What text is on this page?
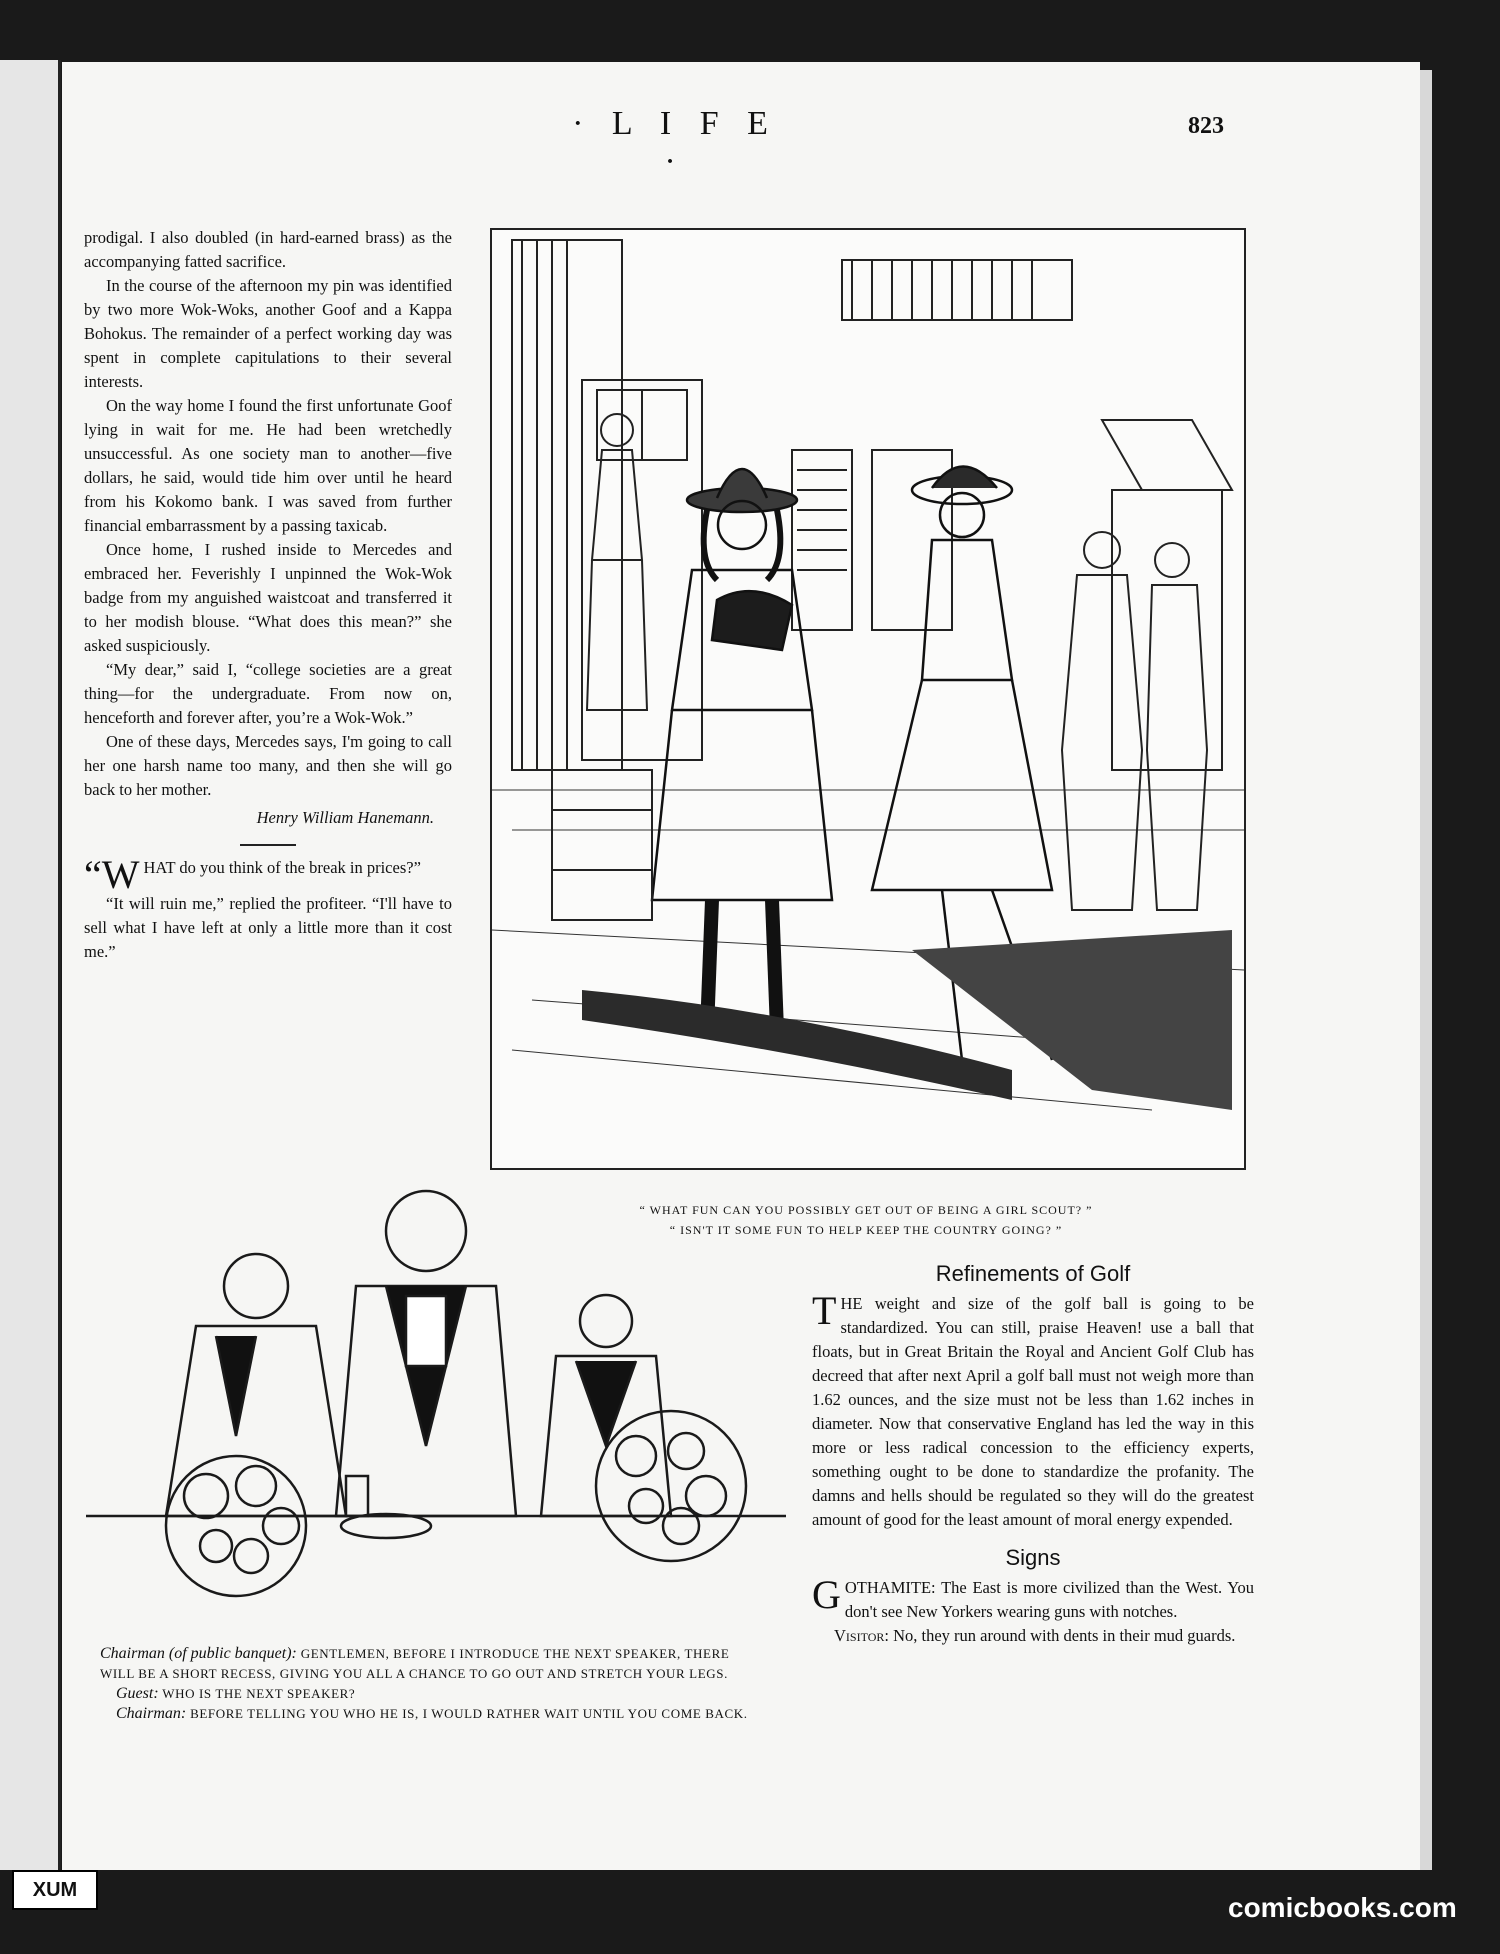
· L I F E ·
823

prodigal. I also doubled (in hard-earned brass) as the accompanying fatted sacrifice.

In the course of the afternoon my pin was identified by two more Wok-Woks, another Goof and a Kappa Bohokus. The remainder of a perfect working day was spent in complete capitulations to their several interests.

On the way home I found the first unfortunate Goof lying in wait for me. He had been wretchedly unsuccessful. As one society man to another—five dollars, he said, would tide him over until he heard from his Kokomo bank. I was saved from further financial embarrassment by a passing taxicab.

Once home, I rushed inside to Mercedes and embraced her. Feverishly I unpinned the Wok-Wok badge from my anguished waistcoat and transferred it to her modish blouse. “What does this mean?” she asked suspiciously.

“My dear,” said I, “college societies are a great thing—for the undergraduate. From now on, henceforth and forever after, you’re a Wok-Wok.”

One of these days, Mercedes says, I'm going to call her one harsh name too many, and then she will go back to her mother.

Henry William Hanemann.
“W HAT do you think of the break in prices?”

“It will ruin me,” replied the profiteer. “I'll have to sell what I have left at only a little more than it cost me.”

“ WHAT FUN CAN YOU POSSIBLY GET OUT OF BEING A GIRL SCOUT? ”
“ ISN'T IT SOME FUN TO HELP KEEP THE COUNTRY GOING? ”

Chairman (of public banquet): GENTLEMEN, BEFORE I INTRODUCE THE NEXT SPEAKER, THERE WILL BE A SHORT RECESS, GIVING YOU ALL A CHANCE TO GO OUT AND STRETCH YOUR LEGS.

Guest: WHO IS THE NEXT SPEAKER?

Chairman: BEFORE TELLING YOU WHO HE IS, I WOULD RATHER WAIT UNTIL YOU COME BACK.

Refinements of Golf
T HE weight and size of the golf ball is going to be standardized. You can still, praise Heaven! use a ball that floats, but in Great Britain the Royal and Ancient Golf Club has decreed that after next April a golf ball must not weigh more than 1.62 ounces, and the size must not be less than 1.62 inches in diameter. Now that conservative England has led the way in this more or less radical concession to the efficiency experts, something ought to be done to standardize the profanity. The damns and hells should be regulated so they will do the greatest amount of good for the least amount of moral energy expended.

Signs
G OTHAMITE: The East is more civilized than the West. You don't see New Yorkers wearing guns with notches.

Visitor: No, they run around with dents in their mud guards.

XUM
comicbooks.com
